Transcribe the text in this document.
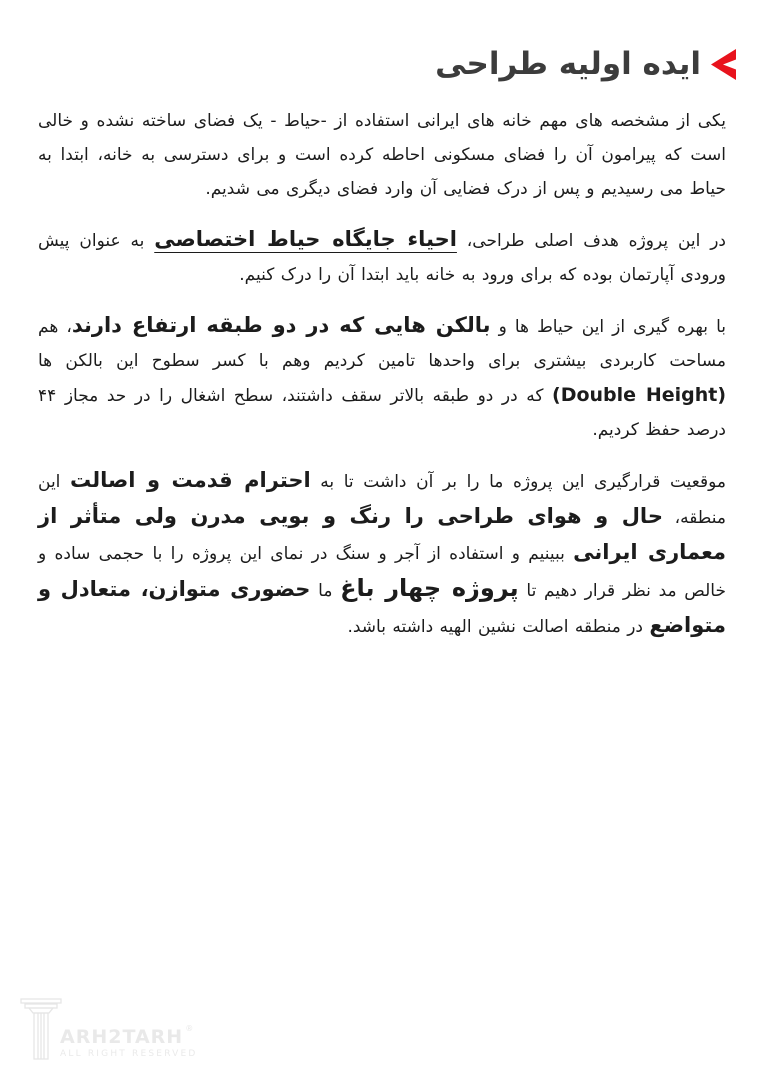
ایده اولیه طراحی

یکی از مشخصه های مهم خانه های ایرانی استفاده از -حیاط - یک فضای ساخته نشده و خالی است که پیرامون آن را فضای مسکونی احاطه کرده است و برای دسترسی به خانه، ابتدا به حیاط می رسیدیم و پس از درک فضایی آن وارد فضای دیگری می شدیم.

در این پروژه هدف اصلی طراحی، احیاء جایگاه حیاط اختصاصی به عنوان پیش ورودی آپارتمان بوده که برای ورود به خانه باید ابتدا آن را درک کنیم.

با بهره گیری از این حیاط ها و بالکن هایی که در دو طبقه ارتفاع دارند، هم مساحت کاربردی بیشتری برای واحدها تامین کردیم وهم با کسر سطوح این بالکن ها (Double Height) که در دو طبقه بالاتر سقف داشتند، سطح اشغال را در حد مجاز ۴۴ درصد حفظ کردیم.

موقعیت قرارگیری این پروژه ما را بر آن داشت تا به احترام قدمت و اصالت این منطقه، حال و هوای طراحی را رنگ و بویی مدرن ولی متأثر از معماری ایرانی ببینیم و استفاده از آجر و سنگ در نمای این پروژه را با حجمی ساده و خالص مد نظر قرار دهیم تا پروژه چهار باغ ما حضوری متوازن، متعادل و متواضع در منطقه اصالت نشین الهیه داشته باشد.

ARH2TARH ®
ALL RIGHT RESERVED
